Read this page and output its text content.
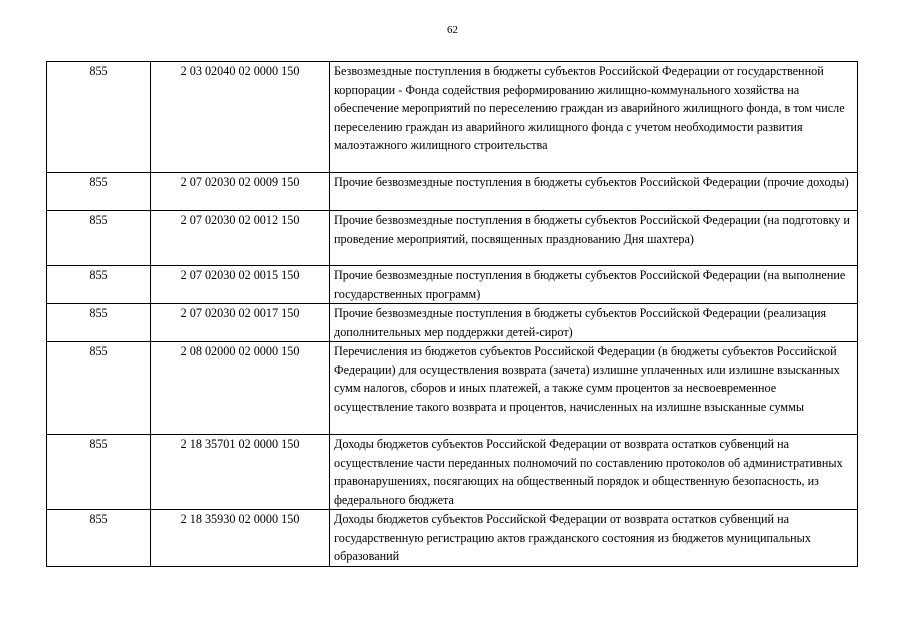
62
855	2 03 02040 02 0000 150	Безвозмездные поступления в бюджеты субъектов Российской Федерации от государственной корпорации - Фонда содействия реформированию жилищно-коммунального хозяйства на обеспечение мероприятий по переселению граждан из аварийного жилищного фонда, в том числе переселению граждан из аварийного жилищного фонда с учетом необходимости развития малоэтажного жилищного строительства
855	2 07 02030 02 0009 150	Прочие безвозмездные поступления в бюджеты субъектов Российской Федерации (прочие доходы)
855	2 07 02030 02 0012 150	Прочие безвозмездные поступления в бюджеты субъектов Российской Федерации (на подготовку и проведение мероприятий, посвященных празднованию Дня шахтера)
855	2 07 02030 02 0015 150	Прочие безвозмездные поступления в бюджеты субъектов Российской Федерации (на выполнение государственных программ)
855	2 07 02030 02 0017 150	Прочие безвозмездные поступления в бюджеты субъектов Российской Федерации (реализация дополнительных мер поддержки детей-сирот)
855	2 08 02000 02 0000 150	Перечисления из бюджетов субъектов Российской Федерации (в бюджеты субъектов Российской Федерации) для осуществления возврата (зачета) излишне уплаченных или излишне взысканных сумм налогов, сборов и иных платежей, а также сумм процентов за несвоевременное осуществление такого возврата и процентов, начисленных на излишне взысканные суммы
855	2 18 35701 02 0000 150	Доходы бюджетов субъектов Российской Федерации от возврата остатков субвенций на осуществление части переданных полномочий по составлению протоколов об административных правонарушениях, посягающих на общественный порядок и общественную безопасность, из федерального бюджета
855	2 18 35930 02 0000 150	Доходы бюджетов субъектов Российской Федерации от возврата остатков субвенций на государственную регистрацию актов гражданского состояния из бюджетов муниципальных образований
